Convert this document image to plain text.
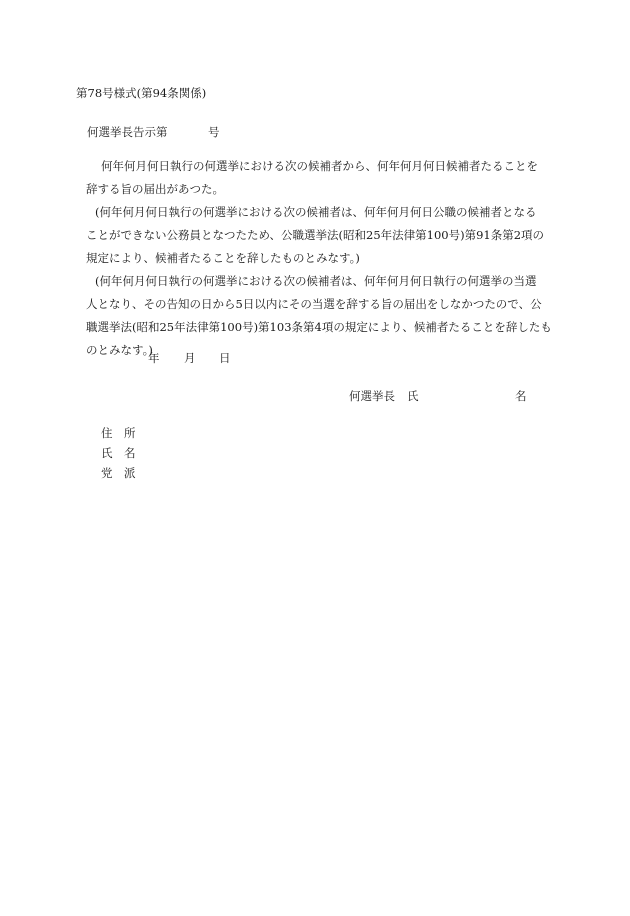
第78号様式(第94条関係)
何選挙長告示第	号

何年何月何日執行の何選挙における次の候補者から、何年何月何日候補者たることを

辞する旨の届出があつた。

(何年何月何日執行の何選挙における次の候補者は、何年何月何日公職の候補者となる

ことができない公務員となつたため、公職選挙法(昭和25年法律第100号)第91条第2項の

規定により、候補者たることを辞したものとみなす。)

(何年何月何日執行の何選挙における次の候補者は、何年何月何日執行の何選挙の当選

人となり、その告知の日から5日以内にその当選を辞する旨の届出をしなかつたので、公

職選挙法(昭和25年法律第100号)第103条第4項の規定により、候補者たることを辞したも

のとみなす。)

年 月 日
何選挙長 氏	名
住　所
氏　名
党　派
